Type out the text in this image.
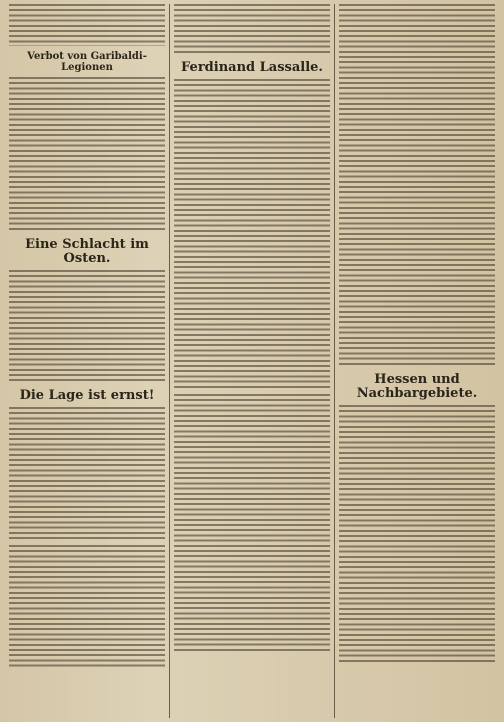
Verbot von Garibaldi-Legionen
Eine Schlacht im Osten.
Die Lage ist ernst!
Ferdinand Lassalle.
Hessen und Nachbargebiete.
